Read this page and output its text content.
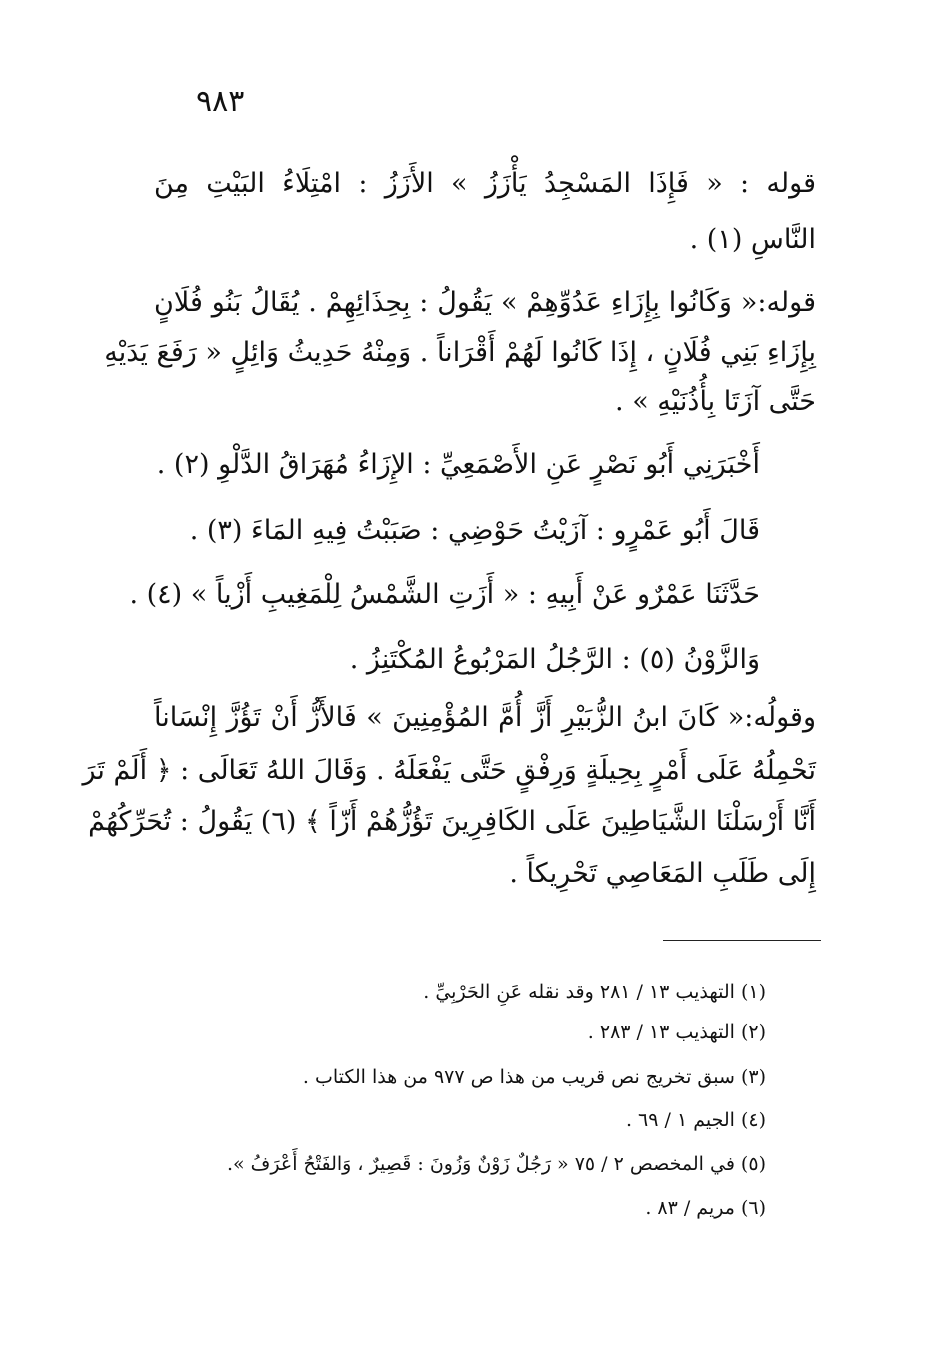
٩٨٣
قوله : « فَإِذَا المَسْجِدُ يَأْزَزُ » الأَزَزُ : امْتِلَاءُ البَيْتِ مِنَ
النَّاسِ (١) .
قوله:« وَكَانُوا بِإِزَاءِ عَدُوِّهِمْ » يَقُولُ : بِحِذَائِهِمْ . يُقَالُ بَنُو فُلَانٍ
بِإِزَاءِ بَنِي فُلَانٍ ، إِذَا كَانُوا لَهُمْ أَقْرَاناً . وَمِنْهُ حَدِيثُ وَائِلٍ « رَفَعَ يَدَيْهِ
حَتَّى آزَتَا بِأُذُنَيْهِ » .
أَخْبَرَنِي أَبُو نَصْرٍ عَنِ الأَصْمَعِيِّ : الإِزَاءُ مُهَرَاقُ الدَّلْوِ (٢) .
قَالَ أَبُو عَمْرٍو : آزَيْتُ حَوْضِي : صَبَبْتُ فِيهِ المَاءَ (٣) .
حَدَّثَنَا عَمْرٌو عَنْ أَبِيهِ : « أَزَتِ الشَّمْسُ لِلْمَغِيبِ أَزْياً » (٤) .
وَالزَّوْنُ (٥) : الرَّجُلُ المَرْبُوعُ المُكْتَنِزُ .
وقولُه:« كَانَ ابنُ الزُّبَيْرِ أَزَّ أُمَّ المُؤْمِنِينَ » فَالأَزُّ أَنْ تَؤُزَّ إِنْسَاناً
تَحْمِلُهُ عَلَى أَمْرٍ بِحِيلَةٍ وَرِفْقٍ حَتَّى يَفْعَلَهُ . وَقَالَ اللهُ تَعَالَى : ﴿ أَلَمْ تَرَ
أَنَّا أَرْسَلْنَا الشَّيَاطِينَ عَلَى الكَافِرِينَ تَؤُزُّهُمْ أَزّاً ﴾ (٦) يَقُولُ : تُحَرِّكُهُمْ
إِلَى طَلَبِ المَعَاصِي تَحْرِيكاً .
(١) التهذيب ١٣ / ٢٨١ وقد نقله عَنِ الحَرْبِيِّ .
(٢) التهذيب ١٣ / ٢٨٣ .
(٣) سبق تخريج نص قريب من هذا ص ٩٧٧ من هذا الكتاب .
(٤) الجيم ١ / ٦٩ .
(٥) في المخصص ٢ / ٧٥ « رَجُلٌ زَوْنٌ وَزُونَ : قَصِيرٌ ، وَالفَتْحُ أَعْرَفُ ».
(٦) مريم / ٨٣ .
